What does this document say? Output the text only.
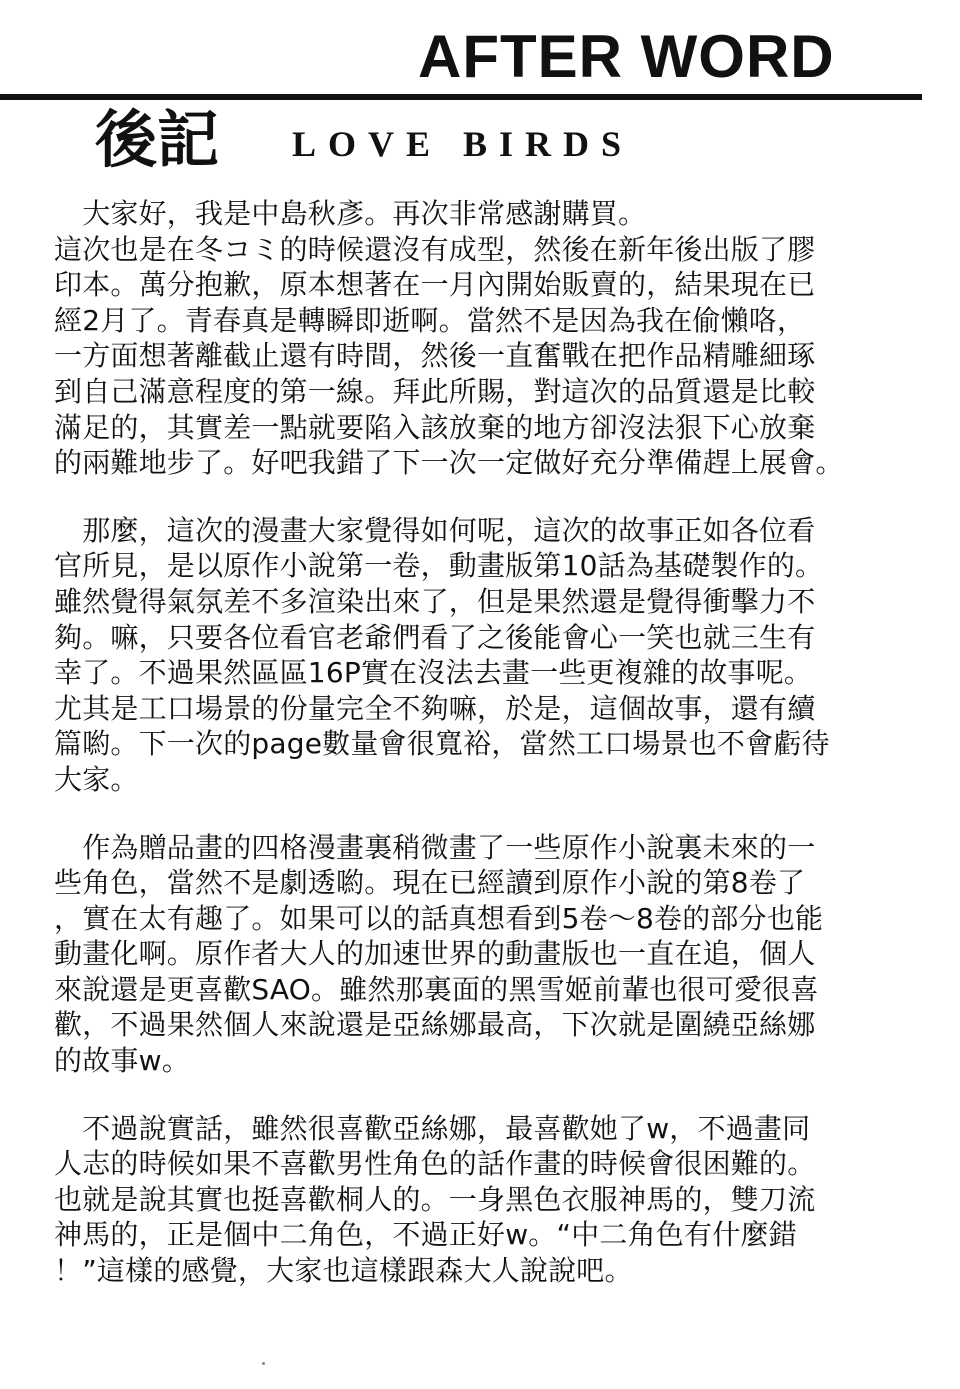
AFTER WORD
後記 LOVE BIRDS
　大家好，我是中島秋彥。再次非常感謝購買。
這次也是在冬コミ的時候還沒有成型，然後在新年後出版了膠
印本。萬分抱歉，原本想著在一月內開始販賣的，結果現在已
經2月了。青春真是轉瞬即逝啊。當然不是因為我在偷懶咯，
一方面想著離截止還有時間，然後一直奮戰在把作品精雕細琢
到自己滿意程度的第一線。拜此所賜，對這次的品質還是比較
滿足的，其實差一點就要陷入該放棄的地方卻沒法狠下心放棄
的兩難地步了。好吧我錯了下一次一定做好充分準備趕上展會。
　那麼，這次的漫畫大家覺得如何呢，這次的故事正如各位看
官所見，是以原作小說第一卷，動畫版第10話為基礎製作的。
雖然覺得氣氛差不多渲染出來了，但是果然還是覺得衝擊力不
夠。嘛，只要各位看官老爺們看了之後能會心一笑也就三生有
幸了。不過果然區區16P實在沒法去畫一些更複雜的故事呢。
尤其是工口場景的份量完全不夠嘛，於是，這個故事，還有續
篇喲。下一次的page數量會很寬裕，當然工口場景也不會虧待
大家。
　作為贈品畫的四格漫畫裏稍微畫了一些原作小說裏未來的一
些角色，當然不是劇透喲。現在已經讀到原作小說的第8卷了
，實在太有趣了。如果可以的話真想看到5卷～8卷的部分也能
動畫化啊。原作者大人的加速世界的動畫版也一直在追，個人
來說還是更喜歡SAO。雖然那裏面的黑雪姬前輩也很可愛很喜
歡，不過果然個人來說還是亞絲娜最高，下次就是圍繞亞絲娜
的故事w。
　不過說實話，雖然很喜歡亞絲娜，最喜歡她了w，不過畫同
人志的時候如果不喜歡男性角色的話作畫的時候會很困難的。
也就是說其實也挺喜歡桐人的。一身黑色衣服神馬的，雙刀流
神馬的，正是個中二角色，不過正好w。“中二角色有什麼錯
！”這樣的感覺，大家也這樣跟森大人說說吧。
